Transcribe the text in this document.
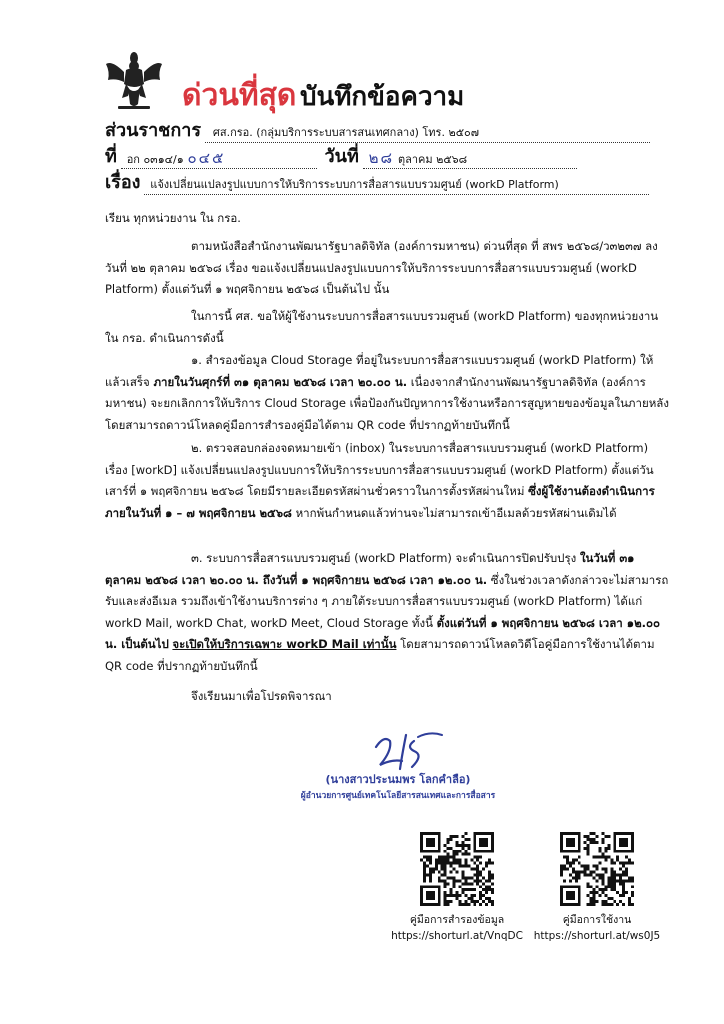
ด่วนที่สุด บันทึกข้อความ
ส่วนราชการ ศส.กรอ. (กลุ่มบริการระบบสารสนเทศกลาง) โทร. ๒๕๐๗
ที่ อก ๐๓๑๔/๑ ๐๔๕	วันที่ ๒๘ ตุลาคม ๒๕๖๘
เรื่อง แจ้งเปลี่ยนแปลงรูปแบบการให้บริการระบบการสื่อสารแบบรวมศูนย์ (workD Platform)
เรียน ทุกหน่วยงาน ใน กรอ.
ตามหนังสือสำนักงานพัฒนารัฐบาลดิจิทัล (องค์การมหาชน) ด่วนที่สุด ที่ สพร ๒๕๖๘/ว๓๒๓๗ ลงวันที่ ๒๒ ตุลาคม ๒๕๖๘ เรื่อง ขอแจ้งเปลี่ยนแปลงรูปแบบการให้บริการระบบการสื่อสารแบบรวมศูนย์ (workD Platform) ตั้งแต่วันที่ ๑ พฤศจิกายน ๒๕๖๘ เป็นต้นไป นั้น
ในการนี้ ศส. ขอให้ผู้ใช้งานระบบการสื่อสารแบบรวมศูนย์ (workD Platform) ของทุกหน่วยงาน ใน กรอ. ดำเนินการดังนี้
๑. สำรองข้อมูล Cloud Storage ที่อยู่ในระบบการสื่อสารแบบรวมศูนย์ (workD Platform) ให้แล้วเสร็จ ภายในวันศุกร์ที่ ๓๑ ตุลาคม ๒๕๖๘ เวลา ๒๐.๐๐ น. เนื่องจากสำนักงานพัฒนารัฐบาลดิจิทัล (องค์การมหาชน) จะยกเลิกการให้บริการ Cloud Storage เพื่อป้องกันปัญหาการใช้งานหรือการสูญหายของข้อมูลในภายหลัง โดยสามารถดาวน์โหลดคู่มือการสำรองคู่มือได้ตาม QR code ที่ปรากฏท้ายบันทึกนี้
๒. ตรวจสอบกล่องจดหมายเข้า (inbox) ในระบบการสื่อสารแบบรวมศูนย์ (workD Platform) เรื่อง [workD] แจ้งเปลี่ยนแปลงรูปแบบการให้บริการระบบการสื่อสารแบบรวมศูนย์ (workD Platform) ตั้งแต่วันเสาร์ที่ ๑ พฤศจิกายน ๒๕๖๘ โดยมีรายละเอียดรหัสผ่านชั่วคราวในการตั้งรหัสผ่านใหม่ ซึ่งผู้ใช้งานต้องดำเนินการภายในวันที่ ๑ – ๗ พฤศจิกายน ๒๕๖๘ หากพ้นกำหนดแล้วท่านจะไม่สามารถเข้าอีเมลด้วยรหัสผ่านเดิมได้
๓. ระบบการสื่อสารแบบรวมศูนย์ (workD Platform) จะดำเนินการปิดปรับปรุง ในวันที่ ๓๑ ตุลาคม ๒๕๖๘ เวลา ๒๐.๐๐ น. ถึงวันที่ ๑ พฤศจิกายน ๒๕๖๘ เวลา ๑๒.๐๐ น. ซึ่งในช่วงเวลาดังกล่าวจะไม่สามารถรับและส่งอีเมล รวมถึงเข้าใช้งานบริการต่าง ๆ ภายใต้ระบบการสื่อสารแบบรวมศูนย์ (workD Platform) ได้แก่ workD Mail, workD Chat, workD Meet, Cloud Storage ทั้งนี้ ตั้งแต่วันที่ ๑ พฤศจิกายน ๒๕๖๘ เวลา ๑๒.๐๐ น. เป็นต้นไป จะเปิดให้บริการเฉพาะ workD Mail เท่านั้น โดยสามารถดาวน์โหลดวิดีโอคู่มือการใช้งานได้ตาม QR code ที่ปรากฏท้ายบันทึกนี้
จึงเรียนมาเพื่อโปรดพิจารณา
(นางสาวประนมพร โลกคำลือ)
ผู้อำนวยการศูนย์เทคโนโลยีสารสนเทศและการสื่อสาร
คู่มือการสำรองข้อมูล
https://shorturl.at/VnqDC
คู่มือการใช้งาน
https://shorturl.at/ws0J5
